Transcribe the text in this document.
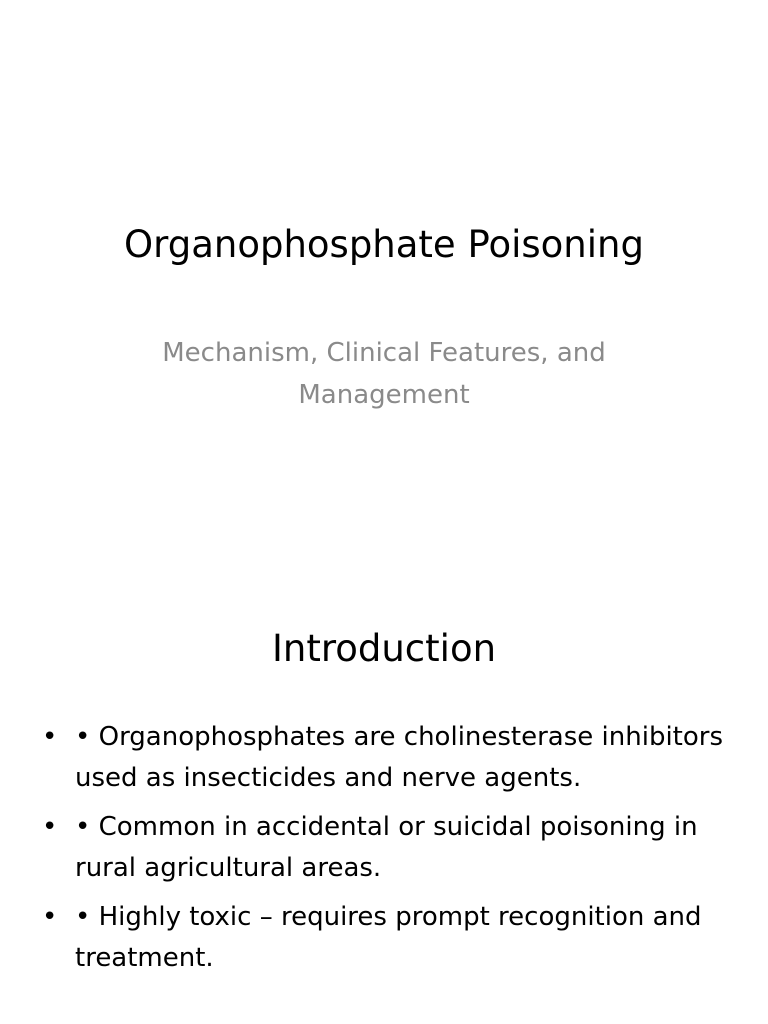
Organophosphate Poisoning

Mechanism, Clinical Features, and Management

Introduction
• • Organophosphates are cholinesterase inhibitors used as insecticides and nerve agents.
• • Common in accidental or suicidal poisoning in rural agricultural areas.
• • Highly toxic – requires prompt recognition and treatment.
